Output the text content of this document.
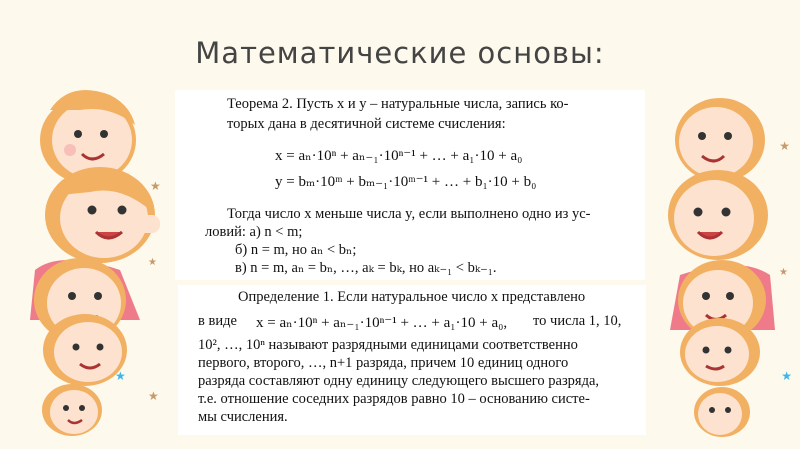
Математические основы:
★
★
★
★
★
★
★
Теорема 2. Пусть x и y – натуральные числа, запись ко-
торых дана в десятичной системе счисления:
x = aₙ·10ⁿ + aₙ₋₁·10ⁿ⁻¹ + … + a₁·10 + a₀
y = bₘ·10ᵐ + bₘ₋₁·10ᵐ⁻¹ + … + b₁·10 + b₀
Тогда число x меньше числа y, если выполнено одно из ус-
ловий: а) n < m;
б) n = m, но aₙ < bₙ;
в) n = m, aₙ = bₙ, …, aₖ = bₖ, но aₖ₋₁ < bₖ₋₁.
Определение 1. Если натуральное число x представлено
в виде x = aₙ·10ⁿ + aₙ₋₁·10ⁿ⁻¹ + … + a₁·10 + a₀, то числа 1, 10,
10², …, 10ⁿ называют разрядными единицами соответственно
первого, второго, …, n+1 разряда, причем 10 единиц одного
разряда составляют одну единицу следующего высшего разряда,
т.е. отношение соседних разрядов равно 10 – основанию систе-
мы счисления.
